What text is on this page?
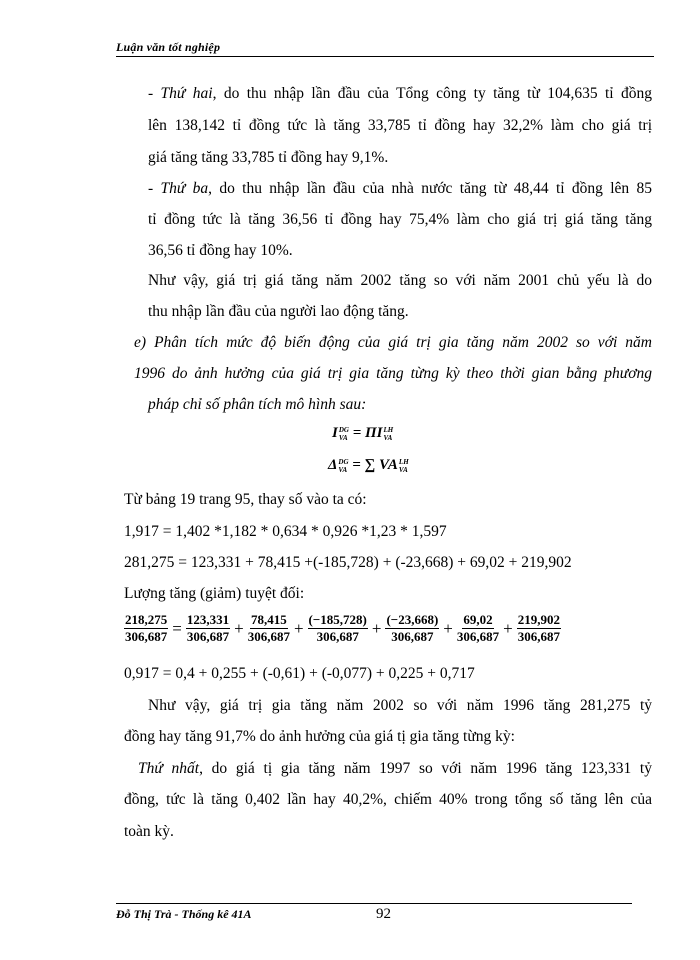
Luận văn tốt nghiệp
- Thứ hai, do thu nhập lần đầu của Tổng công ty tăng từ 104,635 tỉ đồng
lên 138,142 tỉ đồng tức là tăng 33,785 tỉ đồng hay 32,2% làm cho giá trị
giá tăng tăng 33,785 tỉ đồng hay 9,1%.
- Thứ ba, do thu nhập lần đầu của nhà nước tăng từ 48,44 tỉ đồng lên 85
tỉ đồng tức là tăng 36,56 tỉ đồng hay 75,4% làm cho giá trị giá tăng tăng
36,56 tỉ đồng hay 10%.
Như vậy, giá trị giá tăng năm 2002 tăng so với năm 2001 chủ yếu là do
thu nhập lần đầu của người lao động tăng.
e) Phân tích mức độ biến động của giá trị gia tăng năm 2002 so với năm
1996 do ảnh hưởng của giá trị gia tăng từng kỳ theo thời gian bằng phương
pháp chỉ số phân tích mô hình sau:
I DG
VA = ΠI LH
VA
Δ DG
VA = ∑ VA LH
VA
Từ bảng 19 trang 95, thay số vào ta có:
1,917 = 1,402 *1,182 * 0,634 * 0,926 *1,23 * 1,597
281,275 = 123,331 + 78,415 +(-185,728) + (-23,668) + 69,02 + 219,902
Lượng tăng (giảm) tuyệt đối:
$\frac{218,275}{306,687} = \frac{123,331}{306,687} + \frac{78,415}{306,687} + \frac{(-185,728)}{306,687} + \frac{(-23,668)}{306,687} + \frac{69,02}{306,687} + \frac{219,902}{306,687}$
0,917 = 0,4 + 0,255 + (-0,61) + (-0,077) + 0,225 + 0,717
Như vậy, giá trị gia tăng năm 2002 so với năm 1996 tăng 281,275 tỷ
đồng hay tăng 91,7% do ảnh hưởng của giá tị gia tăng từng kỳ:
Thứ nhất, do giá tị gia tăng năm 1997 so với năm 1996 tăng 123,331 tỷ
đồng, tức là tăng 0,402 lần hay 40,2%, chiếm 40% trong tổng số tăng lên của
toàn kỳ.
Đỗ Thị Trà - Thống kê 41A	92
